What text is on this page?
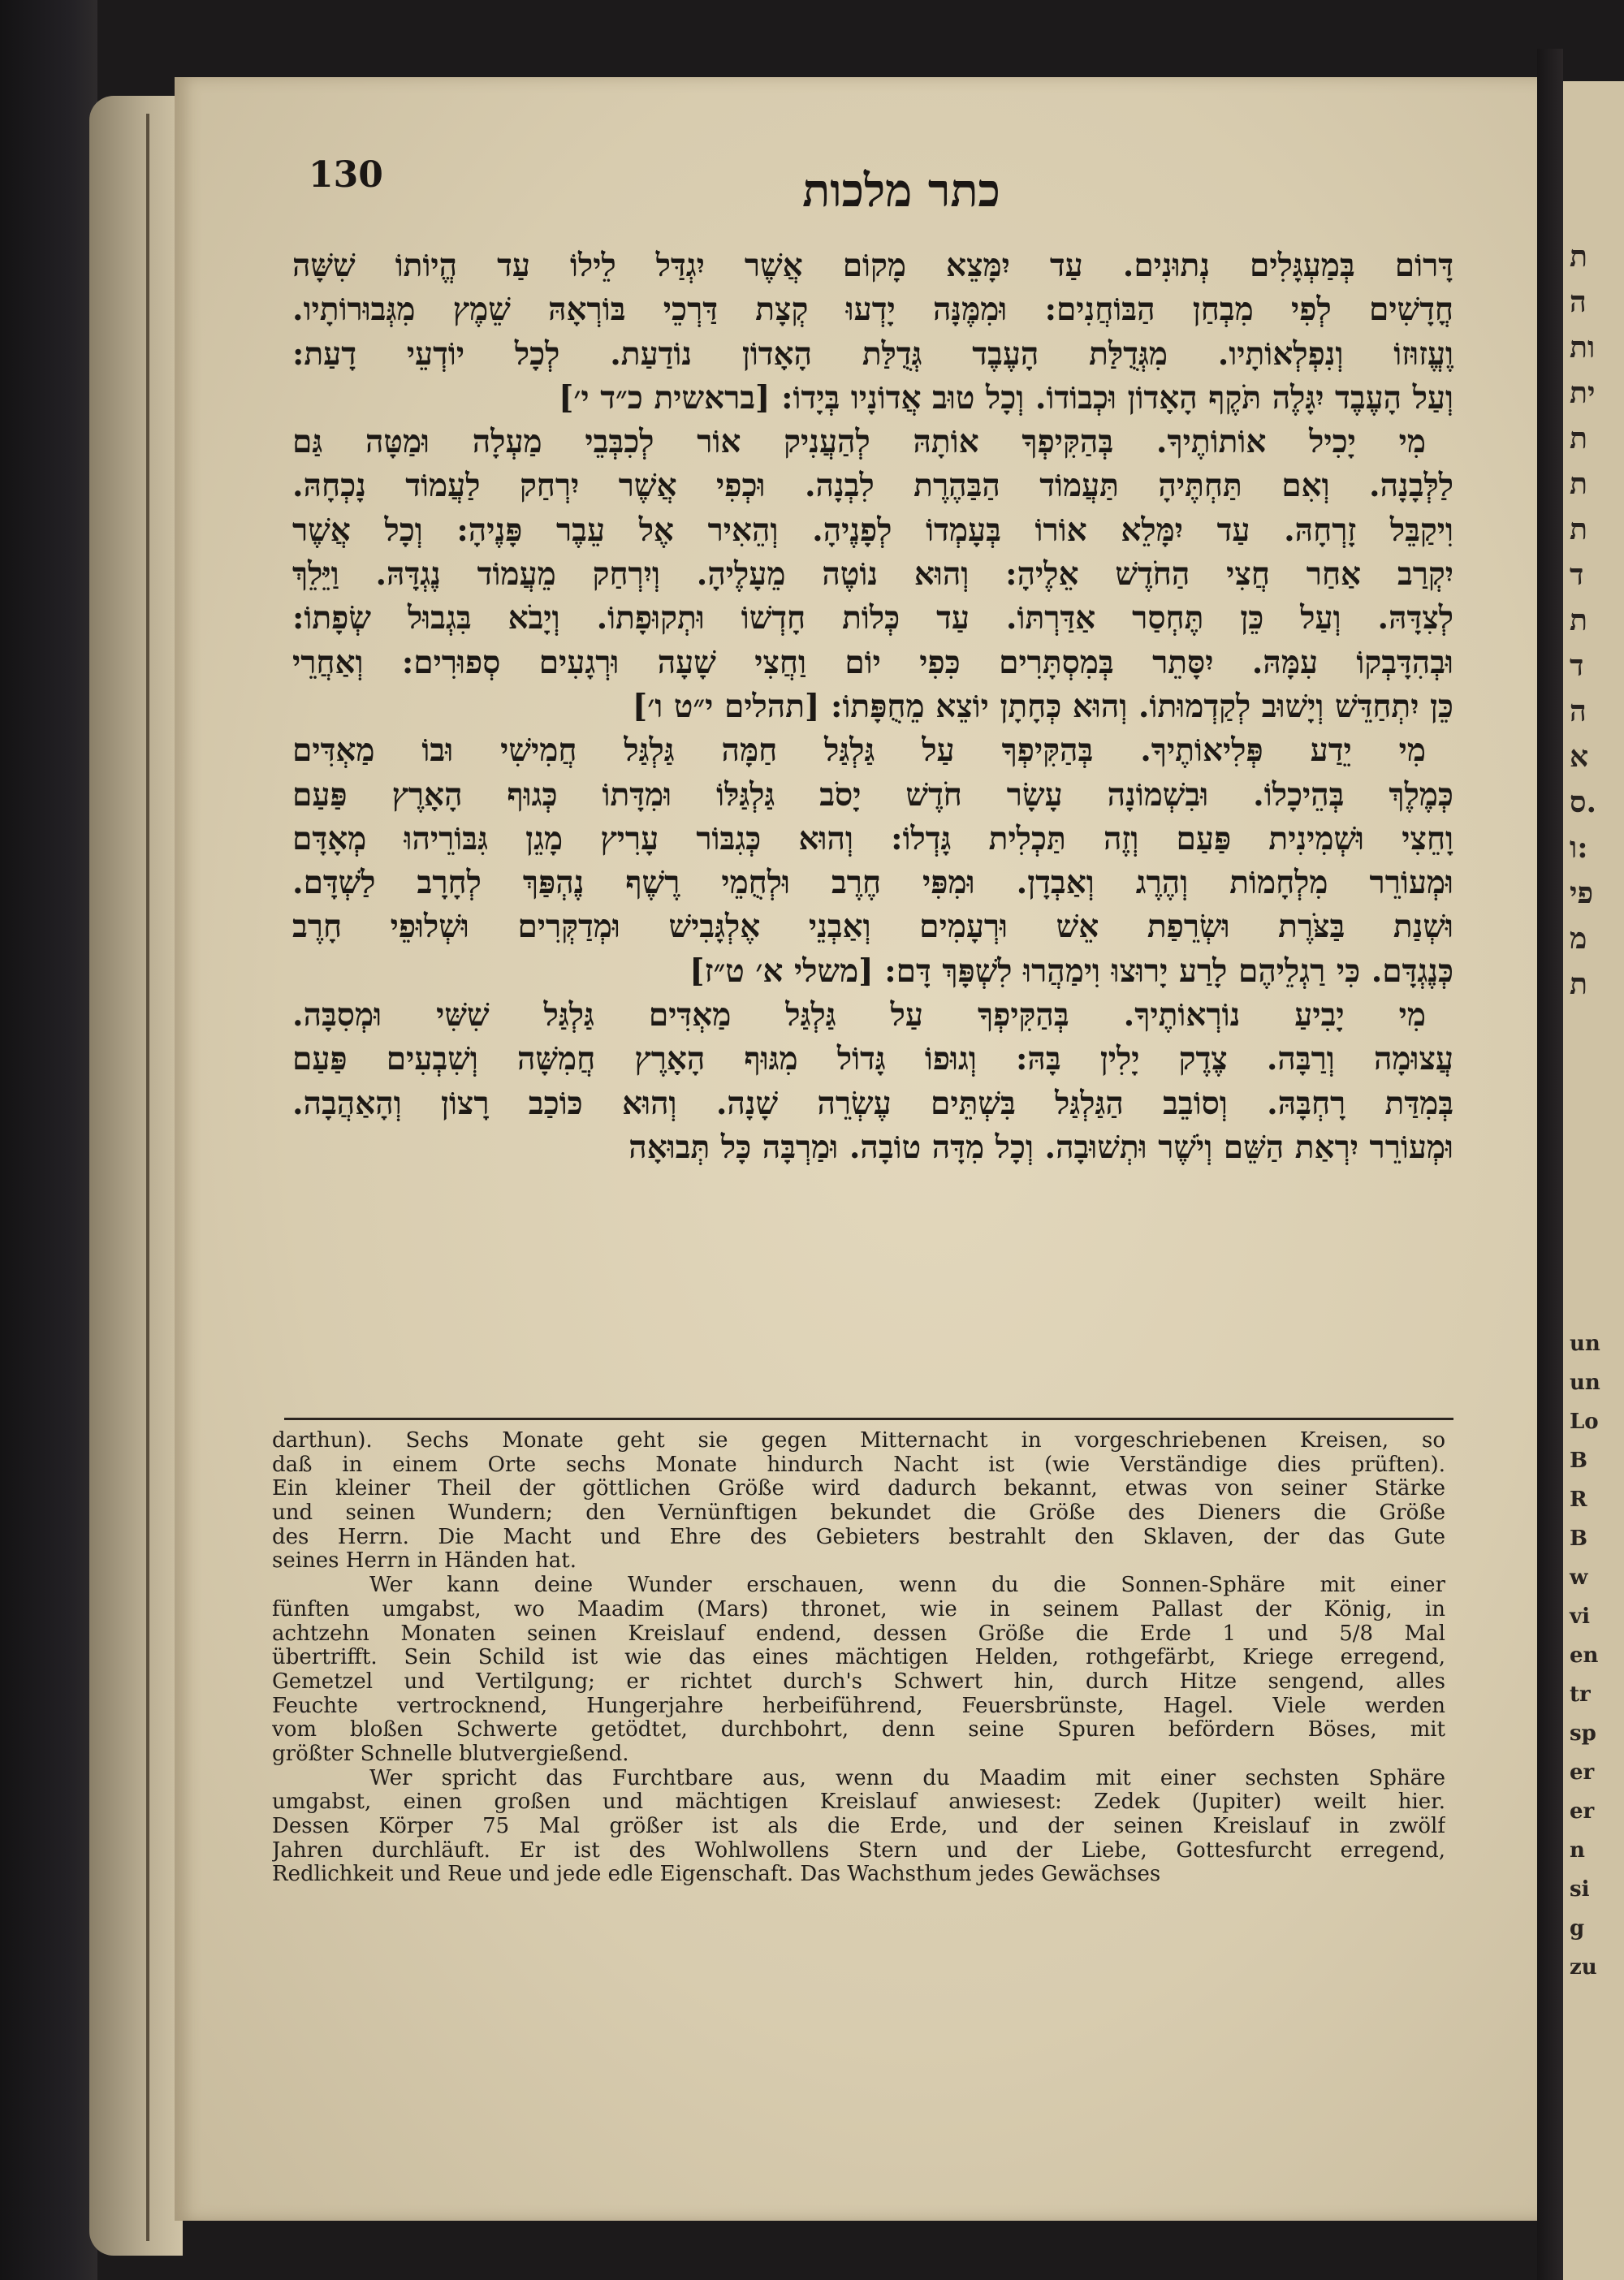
ת
ה
ות
ית
ת
ת
ת
ד
ת
ד
ה
א
ס.
ו:
פי
מ
ת
un
un
Lo
B
R
B
w
vi
en
tr
sp
er
er
n
si
g
zu
130	כתר מלכות
דָּרוֹם בְּמַעְגָּלִים נְתוּנִים. עַד יִמָּצֵא מָקוֹם אֲשֶׁר יִגְדַּל לֵילוֹ עַד הֱיוֹתוֹ שִׁשָּׁה
חֳדָשִׁים לְפִי מִבְחַן הַבּוֹחֲנִים: וּמִמֶּנָּה יָדְעוּ קְצָת דַּרְכֵי בּוֹרְאָהּ שֵׁמֶץ מִגְּבוּרוֹתָיו.
וֶעֱזוּזוֹ וְנִפְלְאוֹתָיו. מִגְּדֻלַּת הָעֶבֶד גְּדֻלַּת הָאָדוֹן נוֹדַעַת. לְכָל יוֹדְעֵי דָעַת:
וְעַל הָעֶבֶד יִגָּלֶה תֹּקֶף הָאָדוֹן וּכְבוֹדוֹ. וְכָל טוּב אֲדוֹנָיו בְּיָדוֹ: [בראשית כ״ד י׳]
מִי יָכִיל אוֹתוֹתֶיךָ. בְּהַקִּיפְךָ אוֹתָהּ לְהַעֲנִיק אוֹר לְכִבְּבֵי מַעְלָה וּמַטָּה גַּם
לַלְּבָנָה. וְאִם תַּחְתֶּיהָ תַּעֲמוֹד הַבַּהֶרֶת לִבְנָה. וּכְפִי אֲשֶׁר יִרְחַק לַעֲמוֹד נָכְחָהּ.
וִיקַבֵּל זָרְחָהּ. עַד יִמָּלֵא אוֹרוֹ בְּעָמְדוֹ לְפָנֶיהָ. וְהֵאִיר אֶל עֵבֶר פָּנֶיהָ: וְכָל אֲשֶׁר
יִקְרַב אַחַר חֲצִי הַחֹדֶשׁ אֵלֶיהָ: וְהוּא נוֹטֶה מֵעָלֶיהָ. וְיִרְחַק מֵעֲמוֹד נֶגְדָּהּ. וַיֵּלֵךְ
לְצִדָּהּ. וְעַל כֵּן תֶּחְסַר אַדַּרְתּוֹ. עַד כְּלוֹת חָדְשׁוֹ וּתְקוּפָתוֹ. וְיָבֹא בִּגְבוּל שְׂפָתוֹ:
וּבְהִדָּבְקוֹ עִמָּהּ. יִסָּתֵר בְּמִסְתָּרִים כִּפִי יוֹם וַחֲצִי שָׁעָה וּרְגָעִים סְפוּרִים: וְאַחֲרֵי
כֵּן יִתְחַדֵּשׁ וְיָשׁוּב לְקַדְמוּתוֹ. וְהוּא כְּחָתָן יוֹצֵא מֵחֻפָּתוֹ: [תהלים י״ט ו׳]
מִי יֵדַע פְּלִיאוֹתֶיךָ. בְּהַקִּיפְךָ עַל גַּלְגַּל חַמָּה גַּלְגַּל חֲמִישִׁי וּבוֹ מַאְדִּים
כְּמֶלֶךְ בְּהֵיכָלוֹ. וּבִשְׁמוֹנָה עָשָׂר חֹדֶשׁ יָסֹב גַּלְגַּלּוֹ וּמִדָּתוֹ כְּגוּף הָאָרֶץ פַּעַם
וָחֵצִי וּשְׁמִינִית פַּעַם וְזֶה תַּכְלִית גָּדְלוֹ: וְהוּא כְּגִבּוֹר עָרִיץ מָגֵן גִּבּוֹרֵיהוּ מְאָדָּם
וּמְעוֹרֵר מִלְחָמוֹת וְהֶרֶג וְאַבְדָן. וּמִפִּי חֶרֶב וּלְחֻמֵי רֶשֶׁף נֶהְפַּךְ לְחָרָב לַשְׁדָּם.
וּשְׁנַת בַּצֹּרֶת וּשְׂרֵפַת אֵשׁ וּרְעָמִים וְאַבְנֵי אֶלְגָּבִישׁ וּמְדַקְּרִים וּשְׁלוּפֵי חָרֶב
כְּנֶגְדָּם. כִּי רַגְלֵיהֶם לָרַע יָרוּצוּ וִימַהֲרוּ לִשְׁפָּךְ דָּם: [משלי א׳ ט״ז]
מִי יָבִיעַ נוֹרְאוֹתֶיךָ. בְּהַקִּיפְךָ עַל גַּלְגַּל מַאְדִּים גַּלְגַּל שִׁשִּׁי וּמְסִבָּה.
עֲצוּמָה וְרַבָּה. צֶדֶק יָלִין בָּהּ: וְגוּפוֹ גָּדוֹל מִגּוּף הָאָרֶץ חֲמִשָּׁה וְשִׁבְעִים פַּעַם
בְּמִדַּת רָחְבָּהּ. וְסוֹבֵב הַגַּלְגַּל בִּשְׁתֵּים עֶשְׂרֵה שָׁנָה. וְהוּא כּוֹכַב רָצוֹן וְהָאַהֲבָה.
וּמְעוֹרֵר יִרְאַת הַשֵּׁם וְיֹשֶׁר וּתְשׁוּבָה. וְכָל מִדָּה טוֹבָה. וּמַרְבָּה כָּל תְּבוּאָה
darthun). Sechs Monate geht sie gegen Mitternacht in vorgeschriebenen Kreisen, so
daß in einem Orte sechs Monate hindurch Nacht ist (wie Verständige dies prüften).
Ein kleiner Theil der göttlichen Größe wird dadurch bekannt, etwas von seiner Stärke
und seinen Wundern; den Vernünftigen bekundet die Größe des Dieners die Größe
des Herrn. Die Macht und Ehre des Gebieters bestrahlt den Sklaven, der das Gute
seines Herrn in Händen hat.
Wer kann deine Wunder erschauen, wenn du die Sonnen-Sphäre mit einer
fünften umgabst, wo Maadim (Mars) thronet, wie in seinem Pallast der König, in
achtzehn Monaten seinen Kreislauf endend, dessen Größe die Erde 1 und 5/8 Mal
übertrifft. Sein Schild ist wie das eines mächtigen Helden, rothgefärbt, Kriege erregend,
Gemetzel und Vertilgung; er richtet durch's Schwert hin, durch Hitze sengend, alles
Feuchte vertrocknend, Hungerjahre herbeiführend, Feuersbrünste, Hagel. Viele werden
vom bloßen Schwerte getödtet, durchbohrt, denn seine Spuren befördern Böses, mit
größter Schnelle blutvergießend.
Wer spricht das Furchtbare aus, wenn du Maadim mit einer sechsten Sphäre
umgabst, einen großen und mächtigen Kreislauf anwiesest: Zedek (Jupiter) weilt hier.
Dessen Körper 75 Mal größer ist als die Erde, und der seinen Kreislauf in zwölf
Jahren durchläuft. Er ist des Wohlwollens Stern und der Liebe, Gottesfurcht erregend,
Redlichkeit und Reue und jede edle Eigenschaft. Das Wachsthum jedes Gewächses
